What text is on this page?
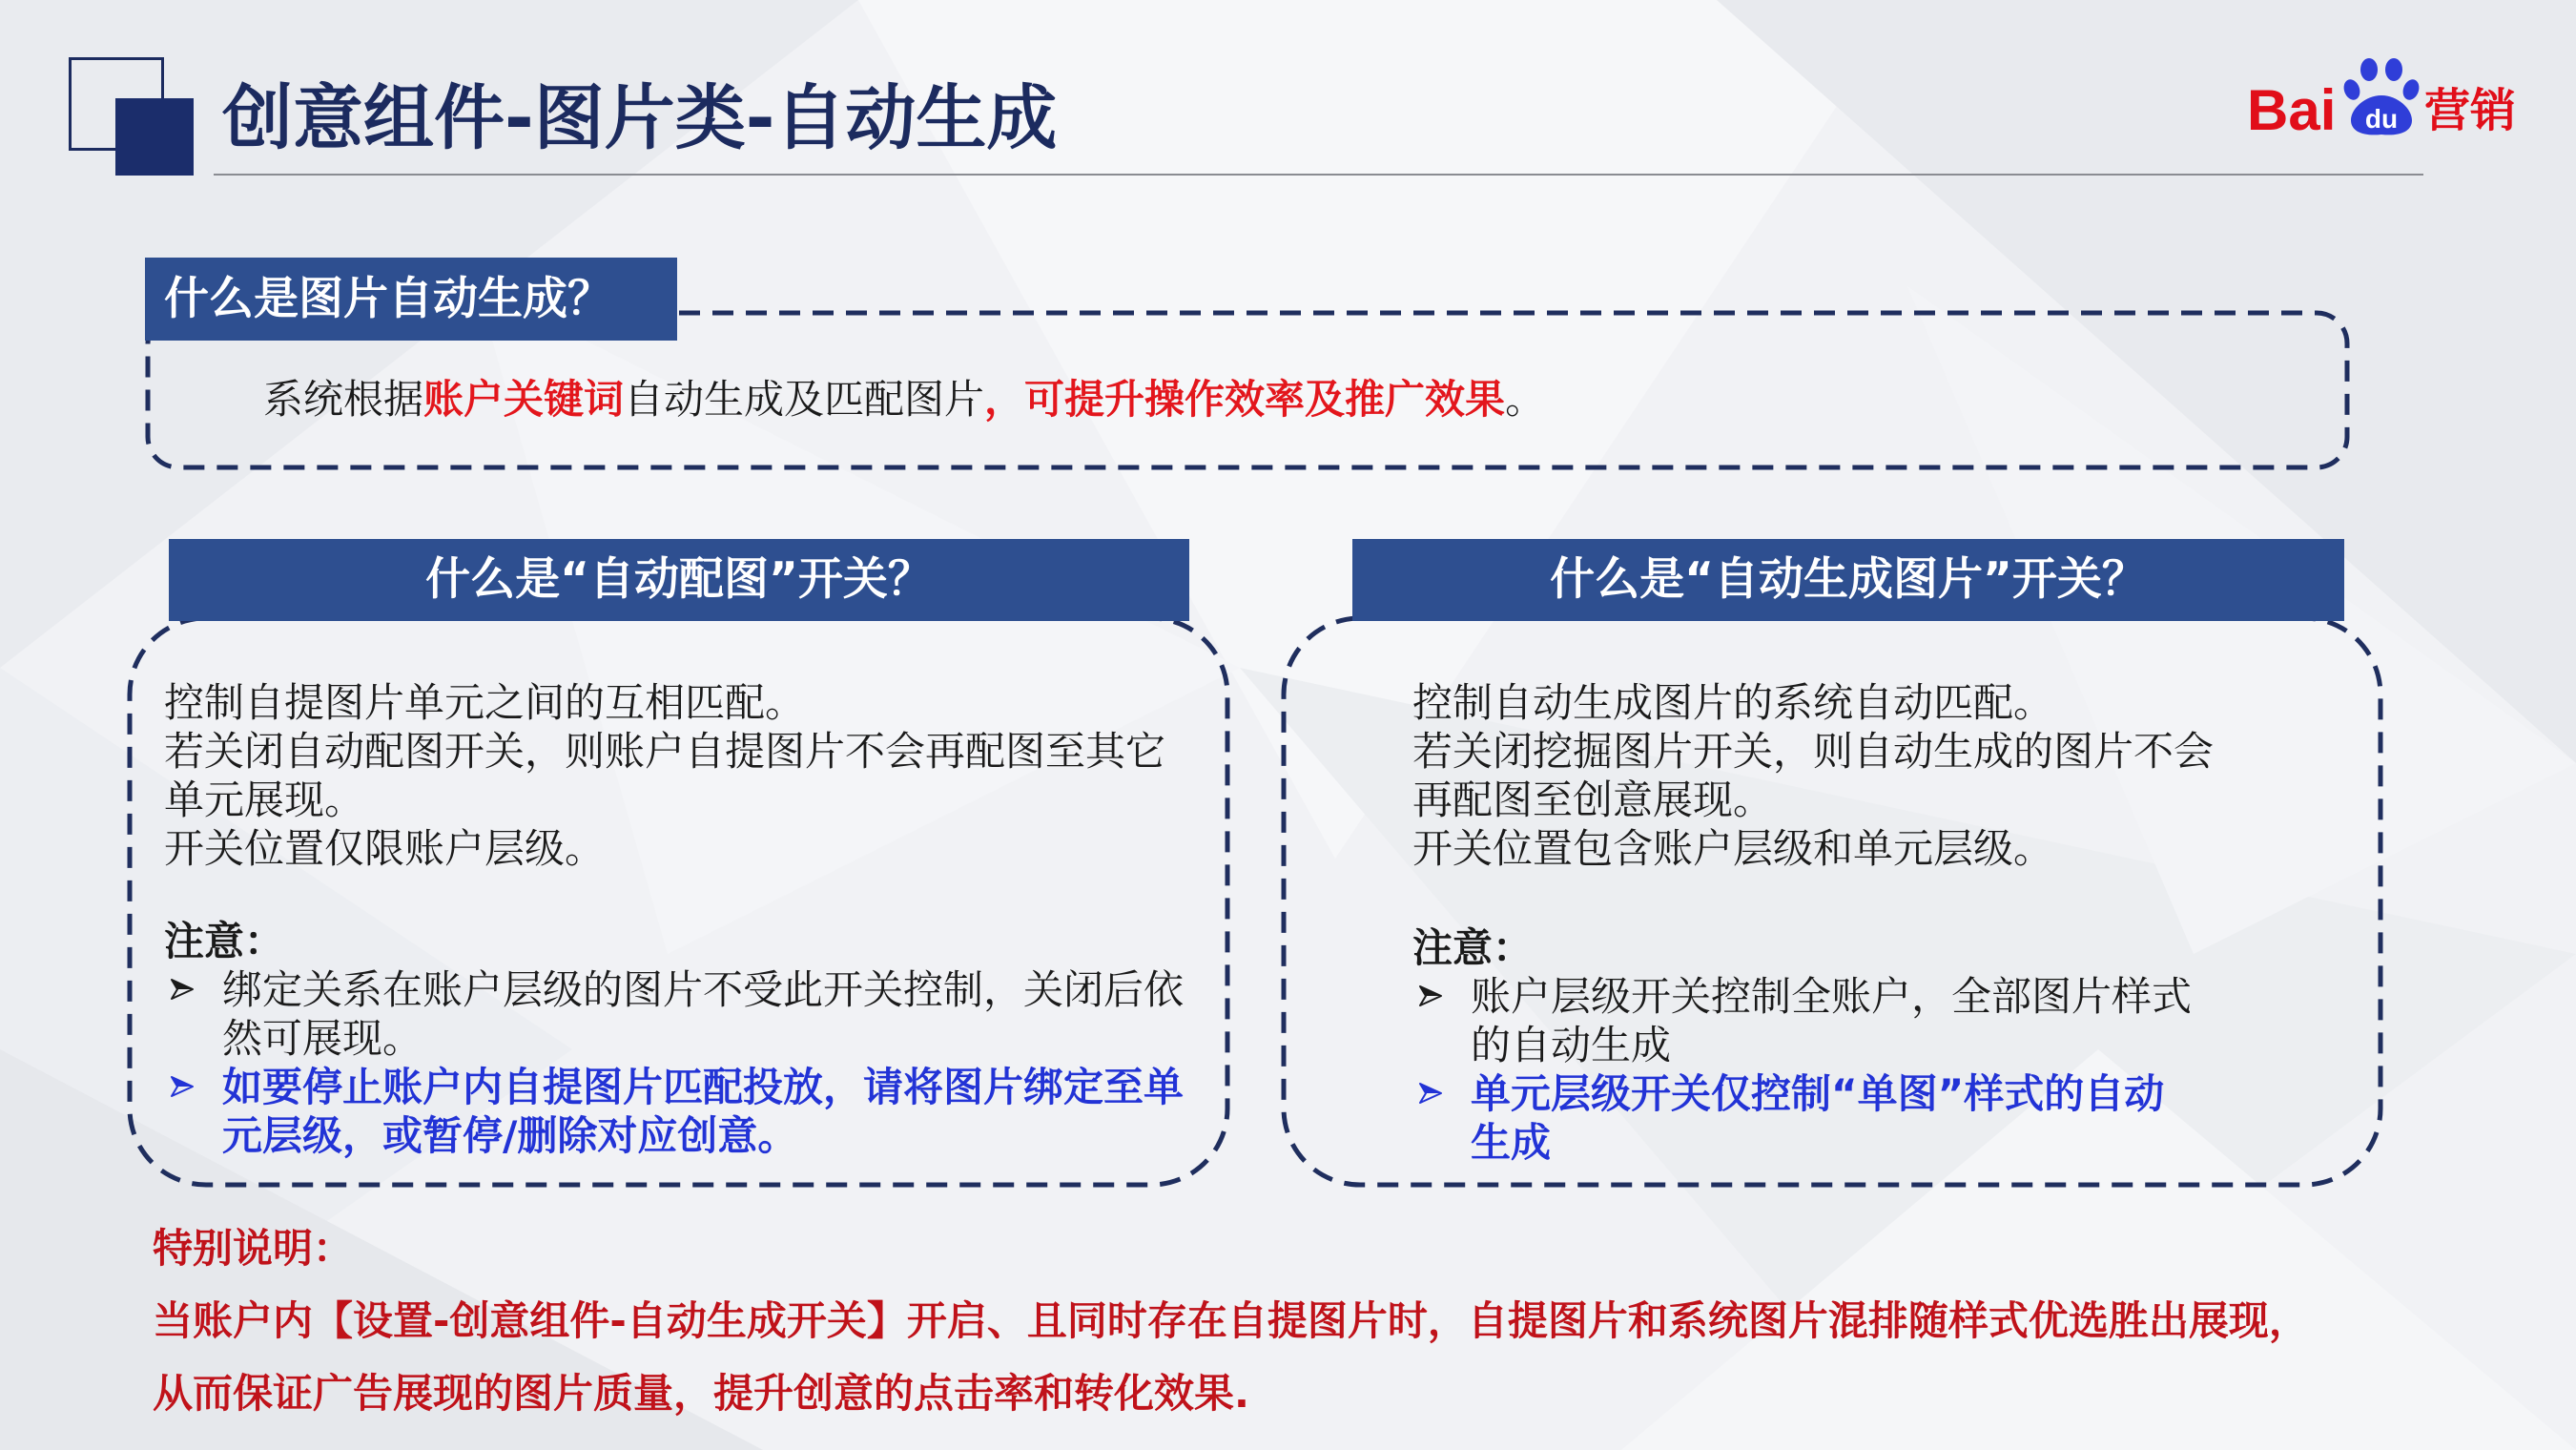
创意组件-图片类-自动生成	Bai du 营销
什么是图片自动生成？
系统根据账户关键词自动生成及匹配图片，可提升操作效率及推广效果。
什么是“自动配图”开关？
控制自提图片单元之间的互相匹配。
若关闭自动配图开关，则账户自提图片不会再配图至其它
单元展现。
开关位置仅限账户层级。
注意：
绑定关系在账户层级的图片不受此开关控制，关闭后依
然可展现。
如要停止账户内自提图片匹配投放，请将图片绑定至单
元层级，或暂停/删除对应创意。
什么是“自动生成图片”开关？
控制自动生成图片的系统自动匹配。
若关闭挖掘图片开关，则自动生成的图片不会
再配图至创意展现。
开关位置包含账户层级和单元层级。
注意：
账户层级开关控制全账户，全部图片样式
的自动生成
单元层级开关仅控制“单图”样式的自动
生成
特别说明：
当账户内【设置-创意组件-自动生成开关】开启、且同时存在自提图片时，自提图片和系统图片混排随样式优选胜出展现，
从而保证广告展现的图片质量，提升创意的点击率和转化效果.
